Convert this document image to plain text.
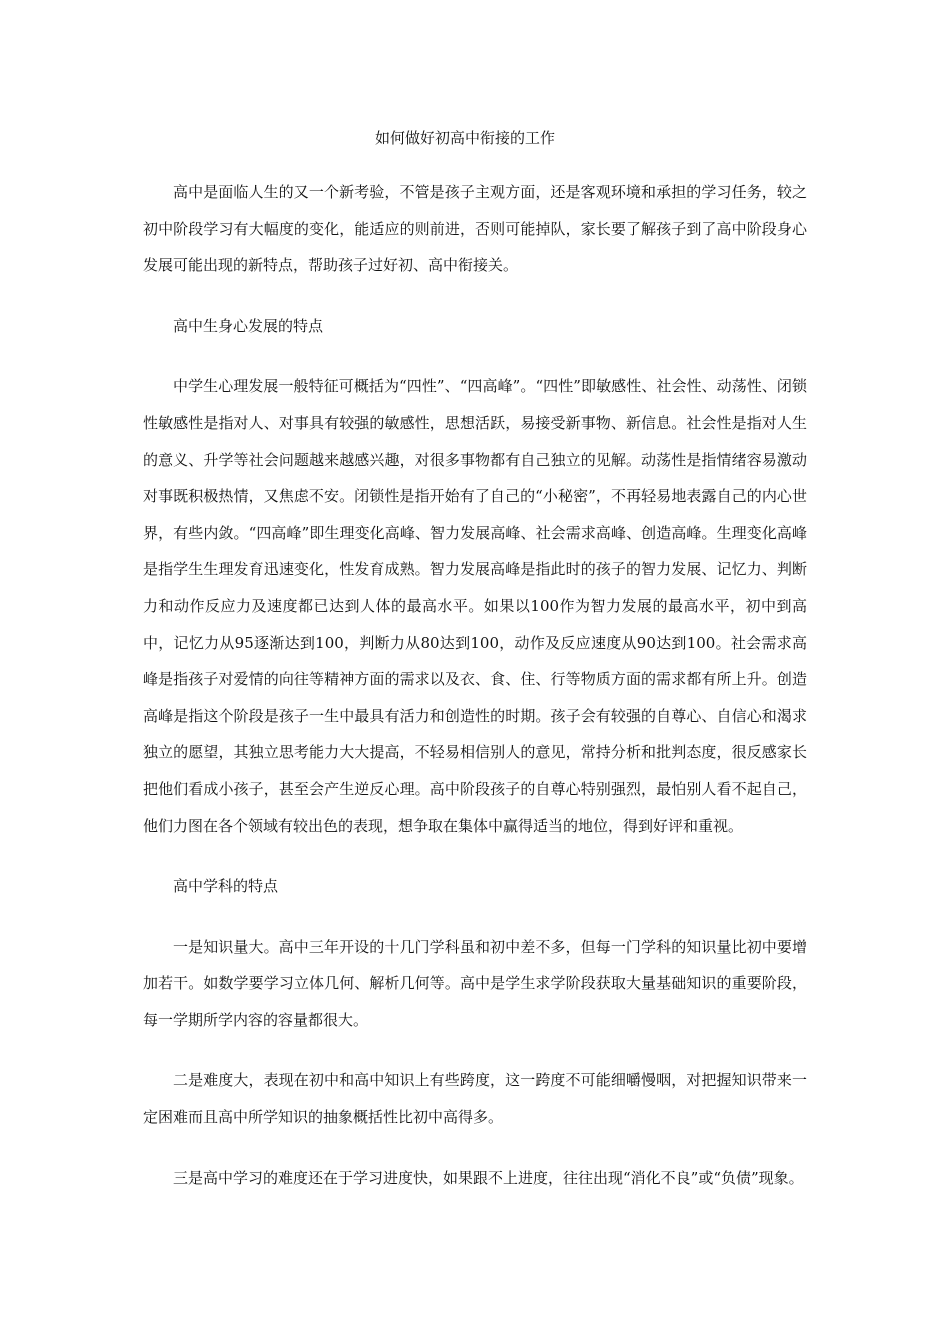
如何做好初高中衔接的工作

高中是面临人生的又一个新考验，不管是孩子主观方面，还是客观环境和承担的学习任务，较之初中阶段学习有大幅度的变化，能适应的则前进，否则可能掉队，家长要了解孩子到了高中阶段身心发展可能出现的新特点，帮助孩子过好初、高中衔接关。

高中生身心发展的特点

中学生心理发展一般特征可概括为“四性”、“四高峰”。“四性”即敏感性、社会性、动荡性、闭锁性敏感性是指对人、对事具有较强的敏感性，思想活跃，易接受新事物、新信息。社会性是指对人生的意义、升学等社会问题越来越感兴趣，对很多事物都有自己独立的见解。动荡性是指情绪容易激动对事既积极热情，又焦虑不安。闭锁性是指开始有了自己的“小秘密”，不再轻易地表露自己的内心世界，有些内敛。“四高峰”即生理变化高峰、智力发展高峰、社会需求高峰、创造高峰。生理变化高峰是指学生生理发育迅速变化，性发育成熟。智力发展高峰是指此时的孩子的智力发展、记忆力、判断力和动作反应力及速度都已达到人体的最高水平。如果以100作为智力发展的最高水平，初中到高中，记忆力从95逐渐达到100，判断力从80达到100，动作及反应速度从90达到100。社会需求高峰是指孩子对爱情的向往等精神方面的需求以及衣、食、住、行等物质方面的需求都有所上升。创造高峰是指这个阶段是孩子一生中最具有活力和创造性的时期。孩子会有较强的自尊心、自信心和渴求独立的愿望，其独立思考能力大大提高，不轻易相信别人的意见，常持分析和批判态度，很反感家长把他们看成小孩子，甚至会产生逆反心理。高中阶段孩子的自尊心特别强烈，最怕别人看不起自己，他们力图在各个领域有较出色的表现，想争取在集体中赢得适当的地位，得到好评和重视。

高中学科的特点

一是知识量大。高中三年开设的十几门学科虽和初中差不多，但每一门学科的知识量比初中要增加若干。如数学要学习立体几何、解析几何等。高中是学生求学阶段获取大量基础知识的重要阶段，每一学期所学内容的容量都很大。

二是难度大，表现在初中和高中知识上有些跨度，这一跨度不可能细嚼慢咽，对把握知识带来一定困难而且高中所学知识的抽象概括性比初中高得多。

三是高中学习的难度还在于学习进度快，如果跟不上进度，往往出现“消化不良”或“负债”现象。
